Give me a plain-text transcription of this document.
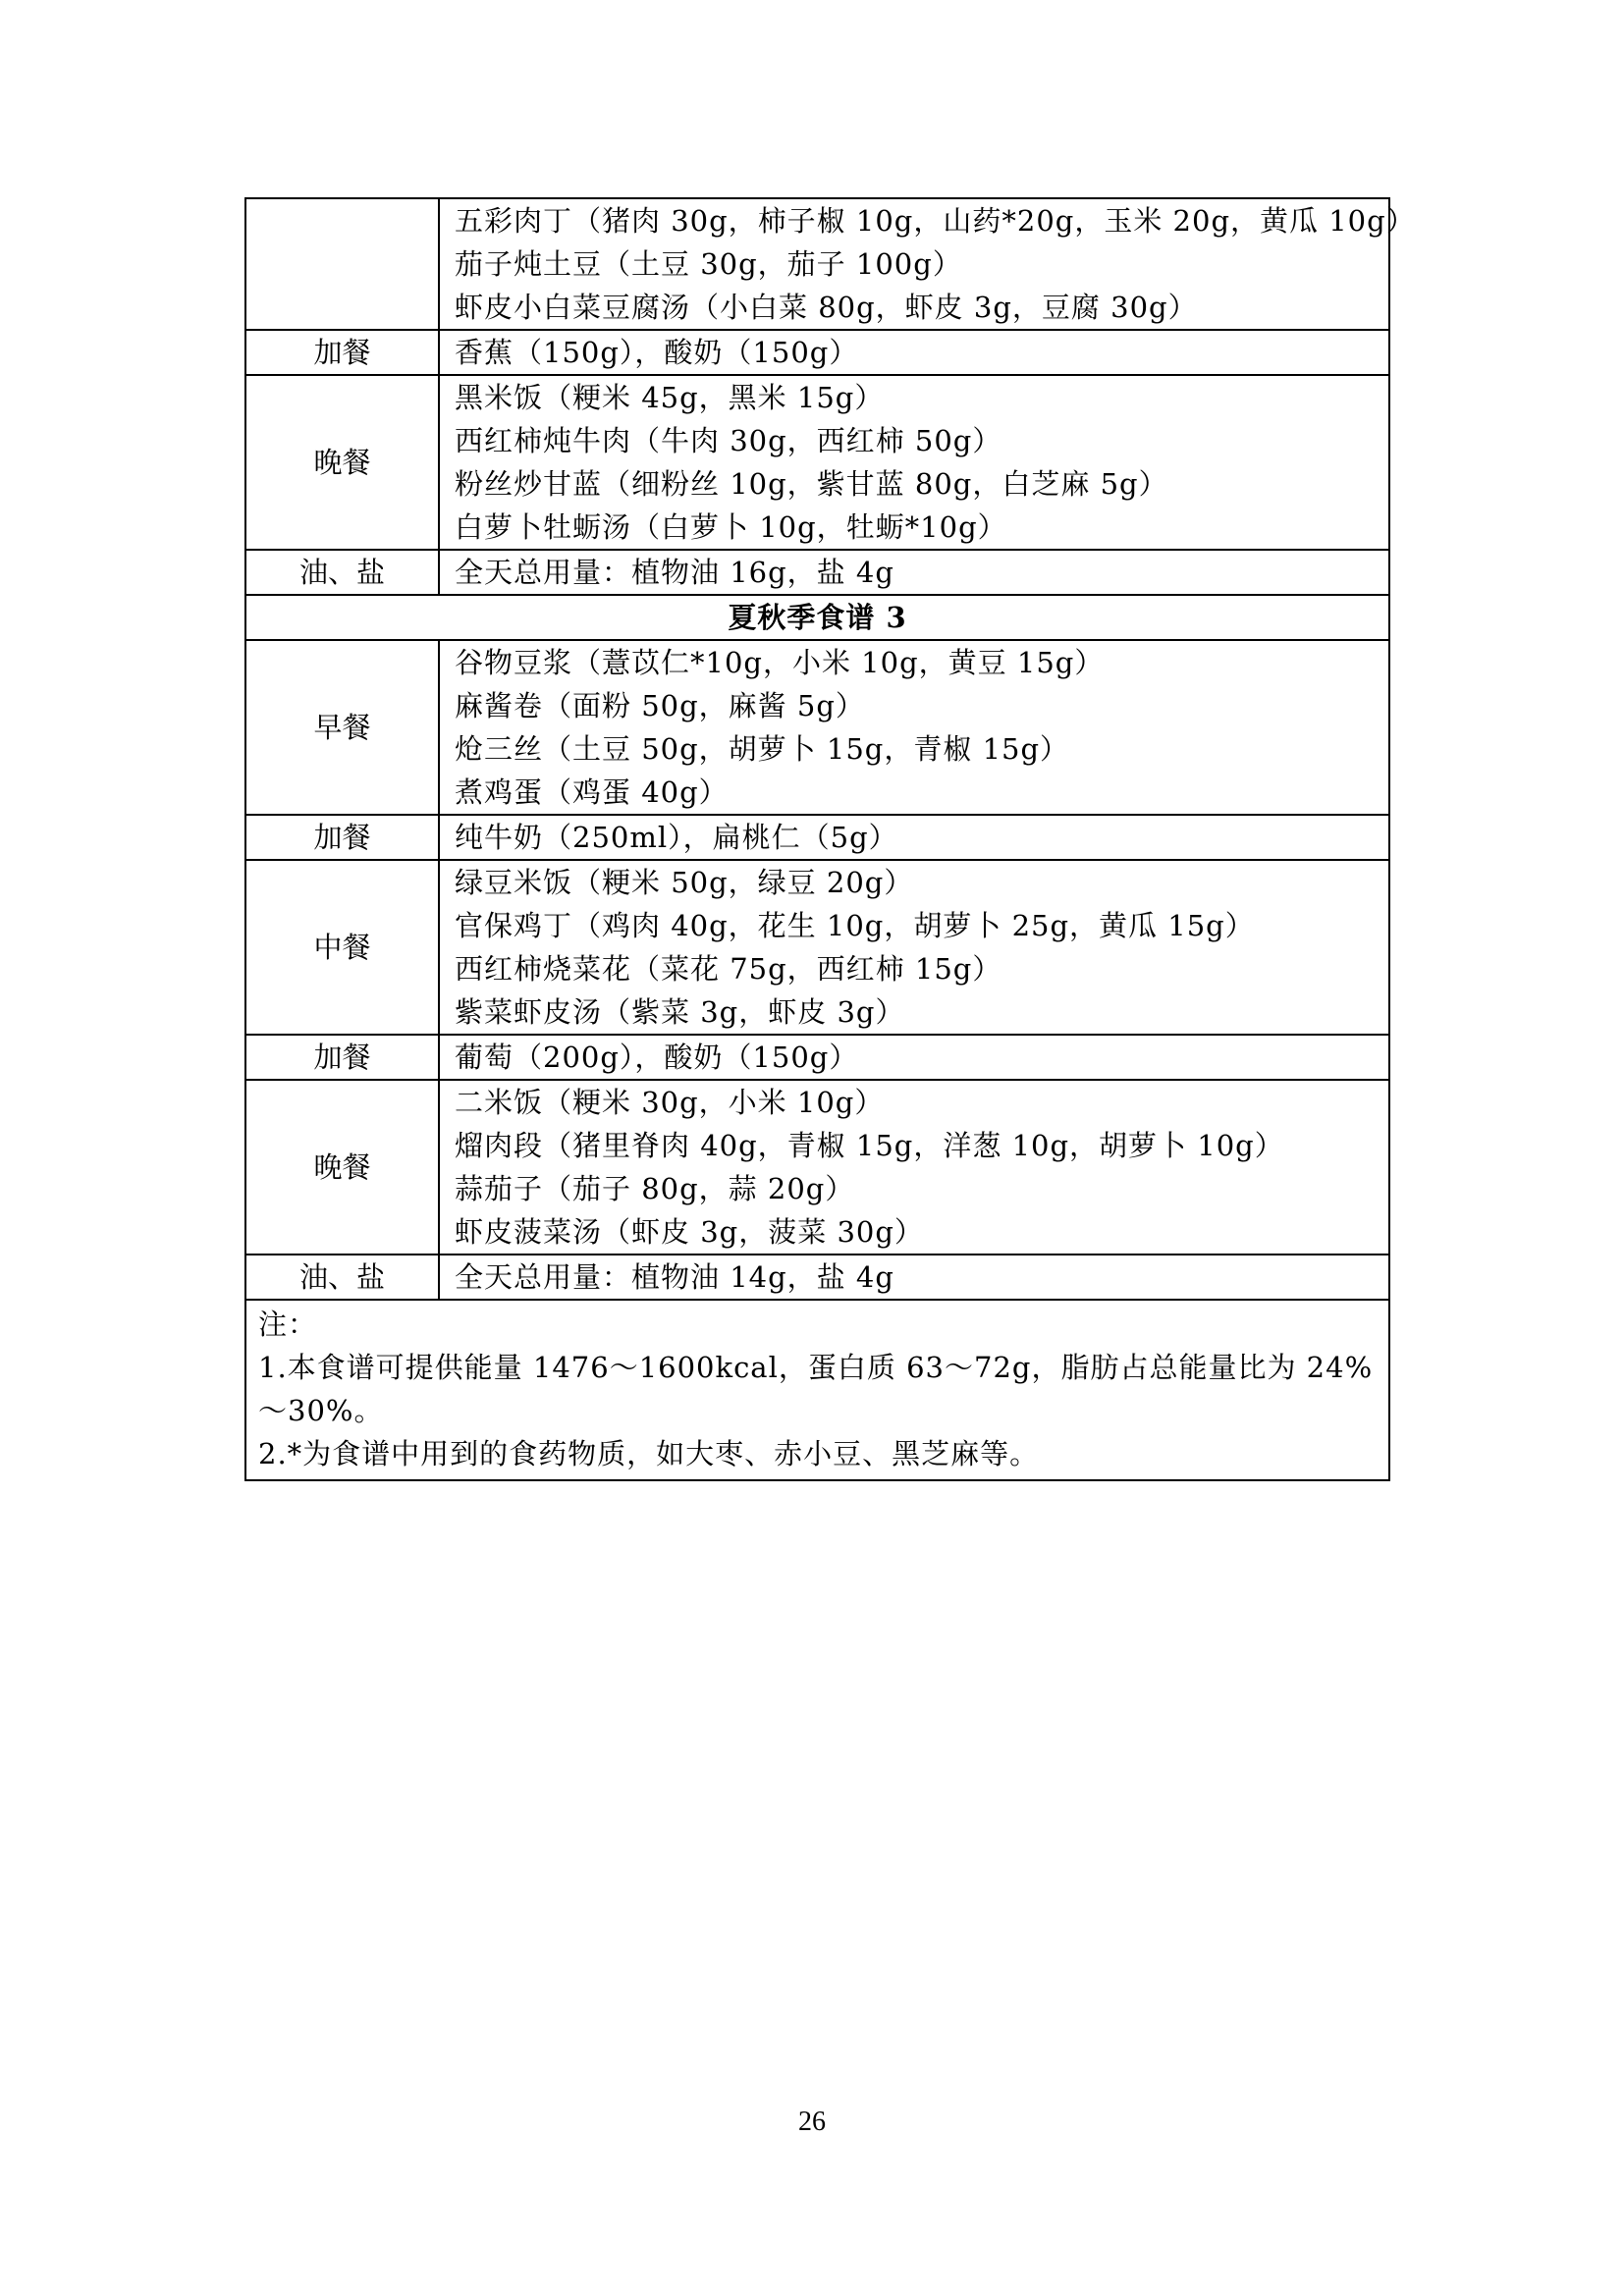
	五彩肉丁（猪肉 30g，柿子椒 10g，山药*20g，玉米 20g，黄瓜 10g）
茄子炖土豆（土豆 30g，茄子 100g）
虾皮小白菜豆腐汤（小白菜 80g，虾皮 3g，豆腐 30g）

加餐	香蕉（150g），酸奶（150g）

晚餐	黑米饭（粳米 45g，黑米 15g）
西红柿炖牛肉（牛肉 30g，西红柿 50g）
粉丝炒甘蓝（细粉丝 10g，紫甘蓝 80g，白芝麻 5g）
白萝卜牡蛎汤（白萝卜 10g，牡蛎*10g）

油、盐	全天总用量：植物油 16g，盐 4g

夏秋季食谱 3	
早餐	谷物豆浆（薏苡仁*10g，小米 10g，黄豆 15g）
麻酱卷（面粉 50g，麻酱 5g）
炝三丝（土豆 50g，胡萝卜 15g，青椒 15g）
煮鸡蛋（鸡蛋 40g）

加餐	纯牛奶（250ml），扁桃仁（5g）

中餐	绿豆米饭（粳米 50g，绿豆 20g）
官保鸡丁（鸡肉 40g，花生 10g，胡萝卜 25g，黄瓜 15g）
西红柿烧菜花（菜花 75g，西红柿 15g）
紫菜虾皮汤（紫菜 3g，虾皮 3g）

加餐	葡萄（200g），酸奶（150g）

晚餐	二米饭（粳米 30g，小米 10g）
熘肉段（猪里脊肉 40g，青椒 15g，洋葱 10g，胡萝卜 10g）
蒜茄子（茄子 80g，蒜 20g）
虾皮菠菜汤（虾皮 3g，菠菜 30g）

油、盐	全天总用量：植物油 14g，盐 4g

注：
1.本食谱可提供能量 1476～1600kcal，蛋白质 63～72g，脂肪占总能量比为 24%～30%。
2.*为食谱中用到的食药物质，如大枣、赤小豆、黑芝麻等。	
26
